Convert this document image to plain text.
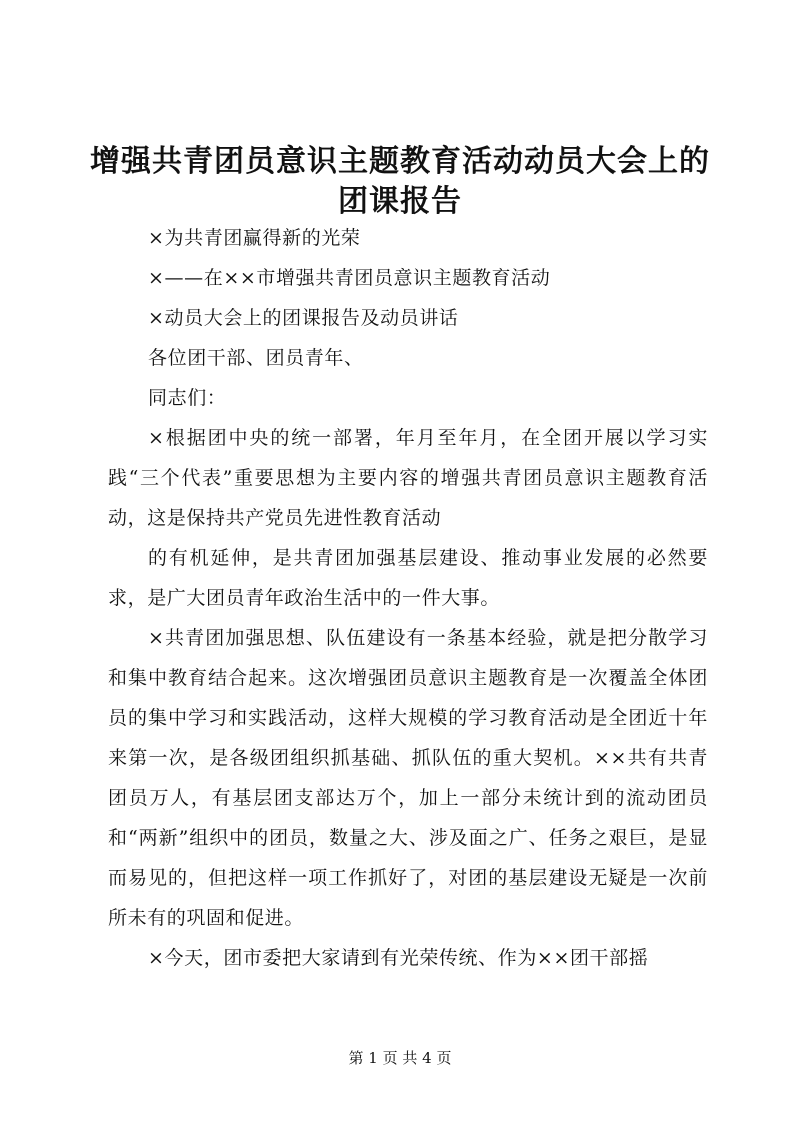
增强共青团员意识主题教育活动动员大会上的
团课报告

×为共青团赢得新的光荣

×——在××市增强共青团员意识主题教育活动

×动员大会上的团课报告及动员讲话

各位团干部、团员青年、

同志们：

×根据团中央的统一部署，年月至年月，在全团开展以学习实践“三个代表”重要思想为主要内容的增强共青团员意识主题教育活动，这是保持共产党员先进性教育活动

的有机延伸，是共青团加强基层建设、推动事业发展的必然要求，是广大团员青年政治生活中的一件大事。

×共青团加强思想、队伍建设有一条基本经验，就是把分散学习和集中教育结合起来。这次增强团员意识主题教育是一次覆盖全体团员的集中学习和实践活动，这样大规模的学习教育活动是全团近十年来第一次，是各级团组织抓基础、抓队伍的重大契机。××共有共青团员万人，有基层团支部达万个，加上一部分未统计到的流动团员和“两新”组织中的团员，数量之大、涉及面之广、任务之艰巨，是显而易见的，但把这样一项工作抓好了，对团的基层建设无疑是一次前所未有的巩固和促进。

×今天，团市委把大家请到有光荣传统、作为××团干部摇

第 1 页 共 4 页
